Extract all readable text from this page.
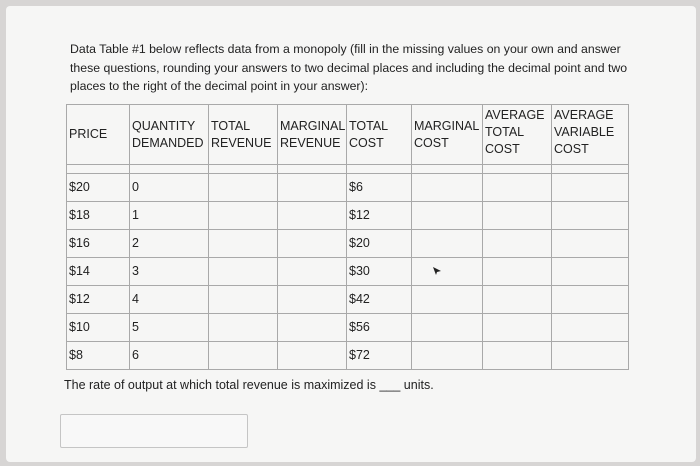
Data Table #1 below reflects data from a monopoly (fill in the missing values on your own and answer these questions, rounding your answers to two decimal places and including the decimal point and two places to the right of the decimal point in your answer):
PRICE	QUANTITY DEMANDED	TOTAL REVENUE	MARGINAL REVENUE	TOTAL COST	MARGINAL COST	AVERAGE TOTAL COST	AVERAGE VARIABLE COST

$20	0			$6			
$18	1			$12			
$16	2			$20			
$14	3			$30			
$12	4			$42			
$10	5			$56			
$8	6			$72			
The rate of output at which total revenue is maximized is ___ units.
